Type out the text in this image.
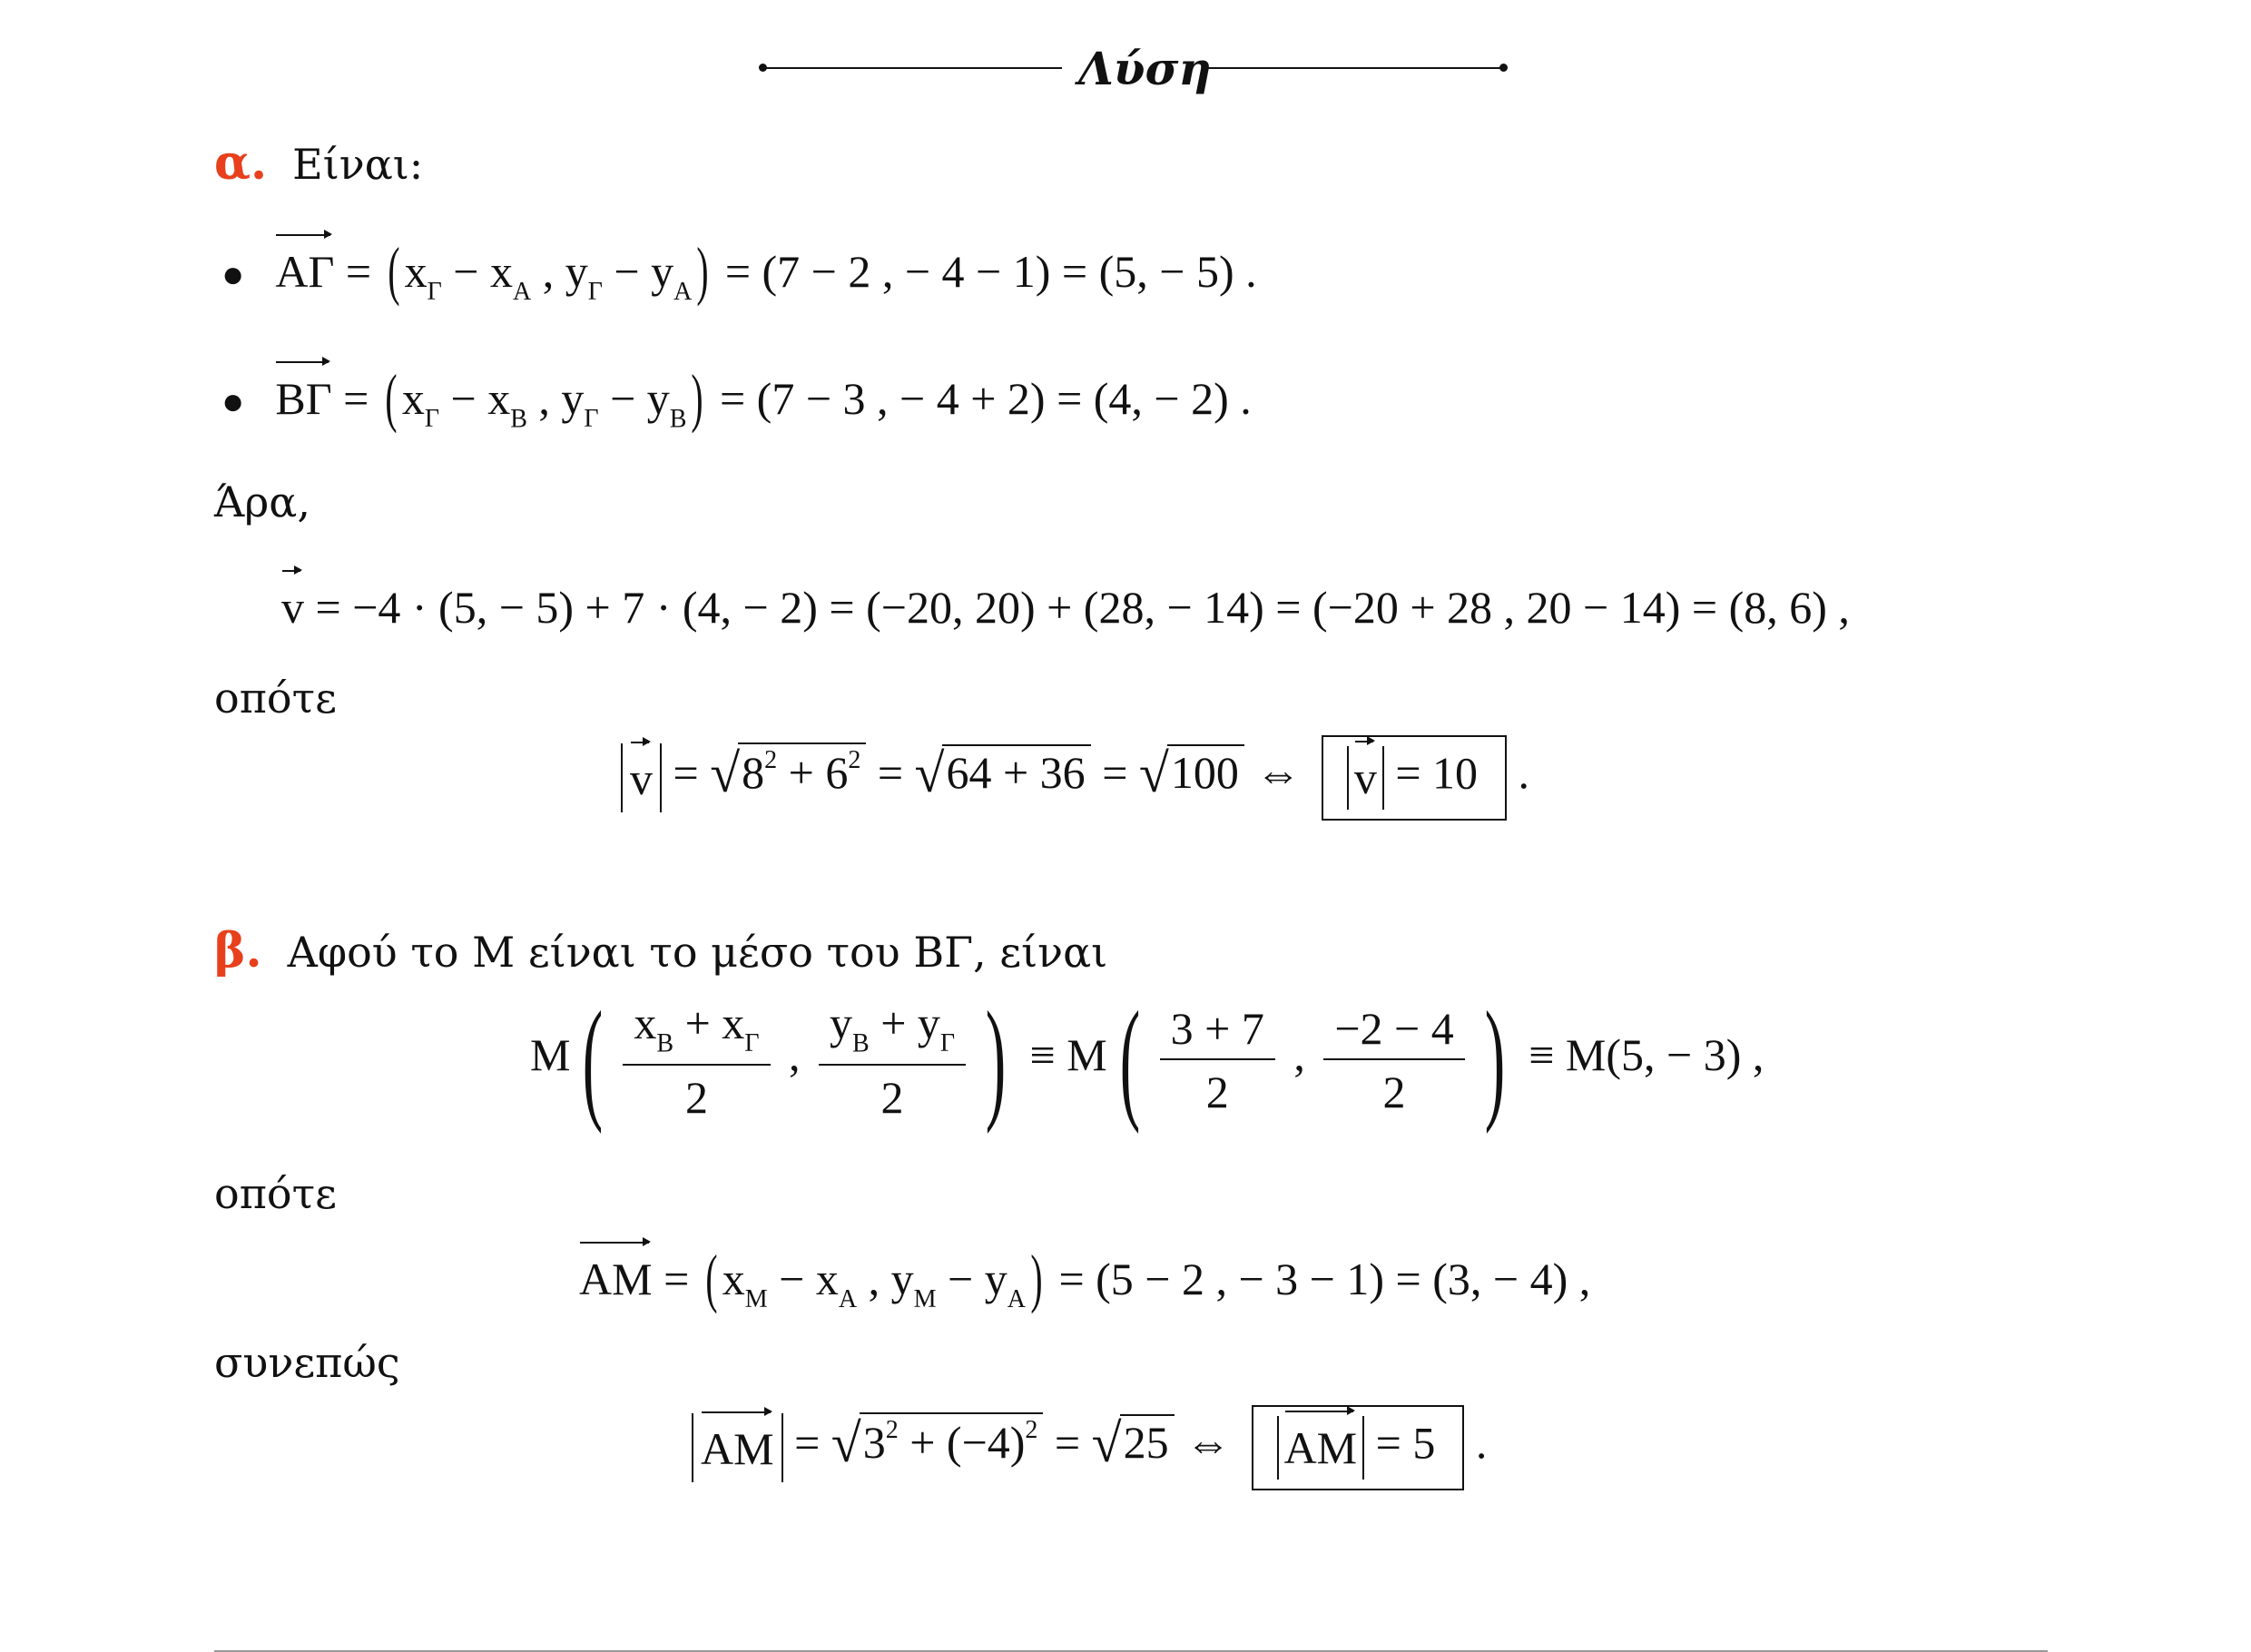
Λύση
α. Είναι:
● ΑΓ = ( $x_\Gamma - x_A$ , $y_\Gamma - y_A) = (7 - 2$ , − 4 − 1) = (5, − 5) .
● ΒΓ = ( $x_\Gamma - x_B$ , $y_\Gamma - y_B) = (7 - 3$ , − 4 + 2) = (4, − 2) .
Άρα,
v = −4 · (5, − 5) + 7 · (4, − 2) = (−20, 20) + (28, − 14) = (−20 + 28 , 20 − 14) = (8, 6) ,
οπότε
$v = √8^2 + 6^2 = √64 + 36 = √100$ ⇔ v = 10 .
β. Αφού το Μ είναι το μέσο του ΒΓ, είναι
$M( \frac{x_B + x_\Gamma}{2}$ , $\frac{y_B + y_\Gamma}{2}$ ) ≡ $M( \frac{3 + 7}{2}$ , $\frac{-2 - 4}{2}$ ) ≡ Μ(5, − 3) ,
οπότε
ΑΜ = ( $x_M - x_A$ , $y_M - y_A) = (5 - 2$ , − 3 − 1) = (3, − 4) ,
συνεπώς
$AM = √3^2 + (-4)^2 = √25$ ⇔ ΑΜ = 5 .
